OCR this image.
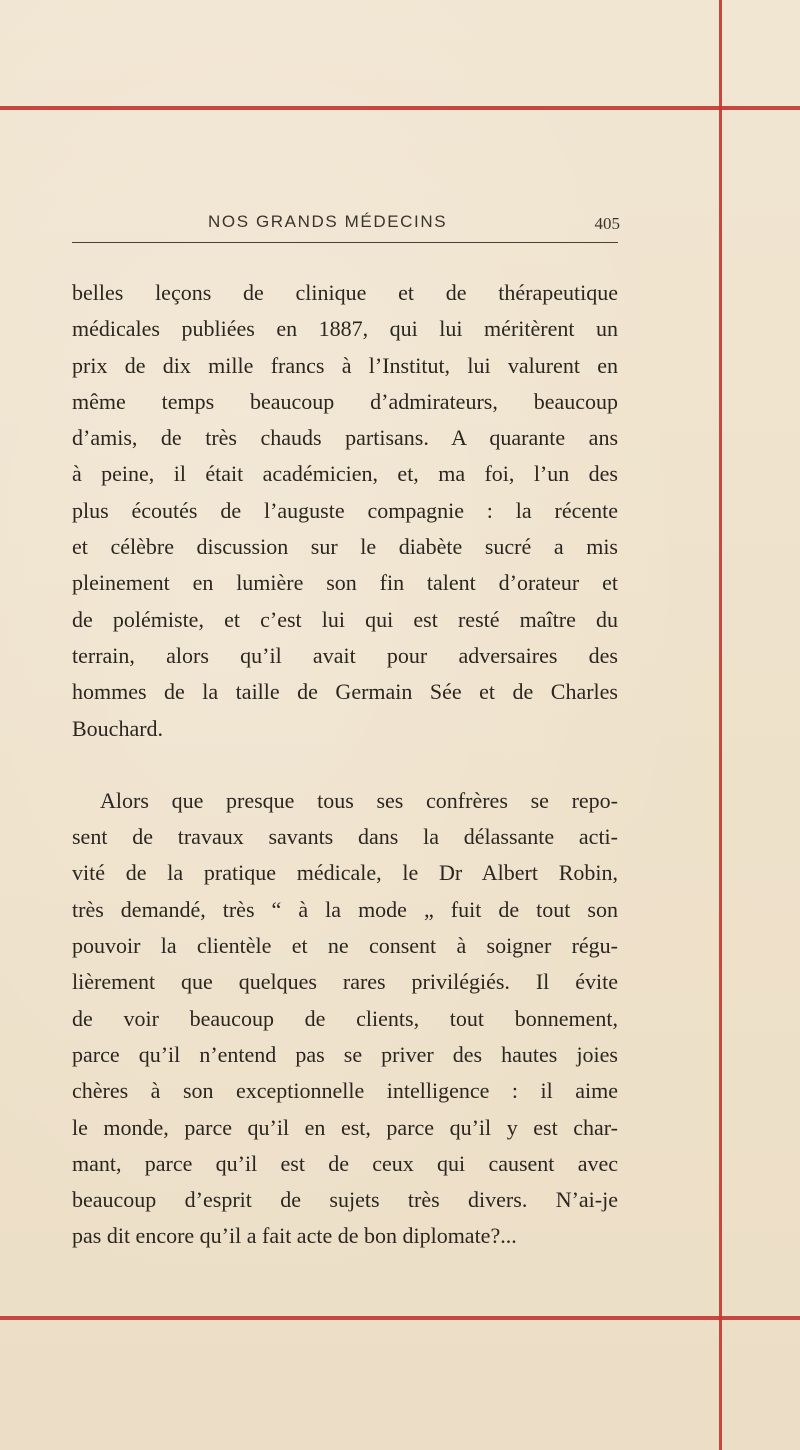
NOS GRANDS MÉDECINS	405
belles leçons de clinique et de thérapeutique
médicales publiées en 1887, qui lui méritèrent un
prix de dix mille francs à l’Institut, lui valurent en
même temps beaucoup d’admirateurs, beaucoup
d’amis, de très chauds partisans. A quarante ans
à peine, il était académicien, et, ma foi, l’un des
plus écoutés de l’auguste compagnie : la récente
et célèbre discussion sur le diabète sucré a mis
pleinement en lumière son fin talent d’orateur et
de polémiste, et c’est lui qui est resté maître du
terrain, alors qu’il avait pour adversaires des
hommes de la taille de Germain Sée et de Charles
Bouchard.
Alors que presque tous ses confrères se repo-
sent de travaux savants dans la délassante acti-
vité de la pratique médicale, le Dr Albert Robin,
très demandé, très “ à la mode „ fuit de tout son
pouvoir la clientèle et ne consent à soigner régu-
lièrement que quelques rares privilégiés. Il évite
de voir beaucoup de clients, tout bonnement,
parce qu’il n’entend pas se priver des hautes joies
chères à son exceptionnelle intelligence : il aime
le monde, parce qu’il en est, parce qu’il y est char-
mant, parce qu’il est de ceux qui causent avec
beaucoup d’esprit de sujets très divers. N’ai-je
pas dit encore qu’il a fait acte de bon diplomate?...
